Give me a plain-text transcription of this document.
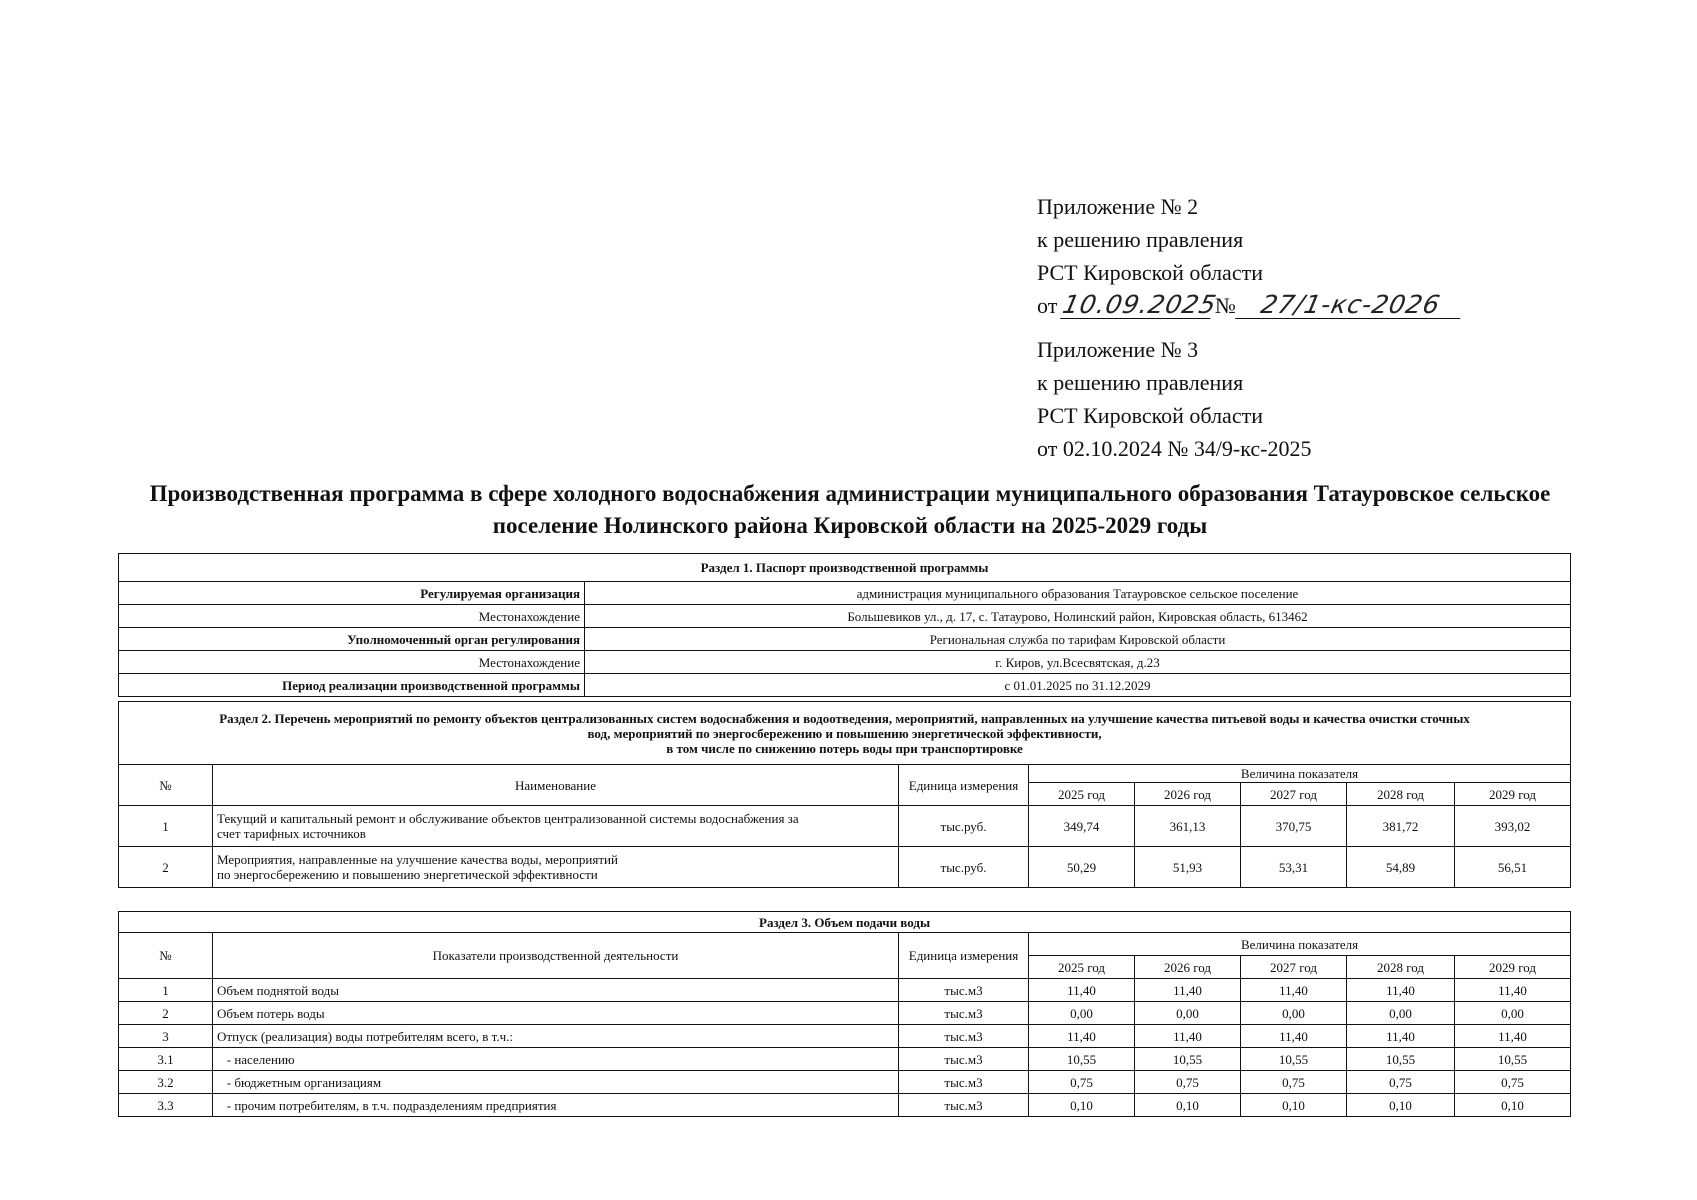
Приложение № 2
к решению правления
РСТ Кировской области
от 10.09.2025№ 27/1-кс-2026
Приложение № 3
к решению правления
РСТ Кировской области
от 02.10.2024 № 34/9-кс-2025
Производственная программа в сфере холодного водоснабжения администрации муниципального образования Татауровское сельское
поселение Нолинского района Кировской области на 2025-2029 годы
Раздел 1. Паспорт производственной программы	
Регулируемая организация	администрация муниципального образования Татауровское сельское поселение
Местонахождение	Большевиков ул., д. 17, с. Татаурово, Нолинский район, Кировская область, 613462
Уполномоченный орган регулирования	Региональная служба по тарифам Кировской области
Местонахождение	г. Киров, ул.Всесвятская, д.23
Период реализации производственной программы	с 01.01.2025 по 31.12.2029
Раздел 2. Перечень мероприятий по ремонту объектов централизованных систем водоснабжения и водоотведения, мероприятий, направленных на улучшение качества питьевой воды и качества очистки сточных
вод, мероприятий по энергосбережению и повышению энергетической эффективности,
в том числе по снижению потерь воды при транспортировке							

№	Наименование	Единица измерения	Величина показателя				
			2025 год	2026 год	2027 год	2028 год	2029 год
1	Текущий и капитальный ремонт и обслуживание объектов централизованной системы водоснабжения за
счет тарифных источников	тыс.руб.	349,74	361,13	370,75	381,72	393,02
2	Мероприятия, направленные на улучшение качества воды, мероприятий
по энергосбережению и повышению энергетической эффективности	тыс.руб.	50,29	51,93	53,31	54,89	56,51
Раздел 3. Объем подачи воды							
№	Показатели производственной деятельности	Единица измерения	Величина показателя				
			2025 год	2026 год	2027 год	2028 год	2029 год
1	Объем поднятой воды	тыс.м3	11,40	11,40	11,40	11,40	11,40
2	Объем потерь воды	тыс.м3	0,00	0,00	0,00	0,00	0,00
3	Отпуск (реализация) воды потребителям всего, в т.ч.:	тыс.м3	11,40	11,40	11,40	11,40	11,40
3.1	- населению	тыс.м3	10,55	10,55	10,55	10,55	10,55
3.2	- бюджетным организациям	тыс.м3	0,75	0,75	0,75	0,75	0,75
3.3	- прочим потребителям, в т.ч. подразделениям предприятия	тыс.м3	0,10	0,10	0,10	0,10	0,10
